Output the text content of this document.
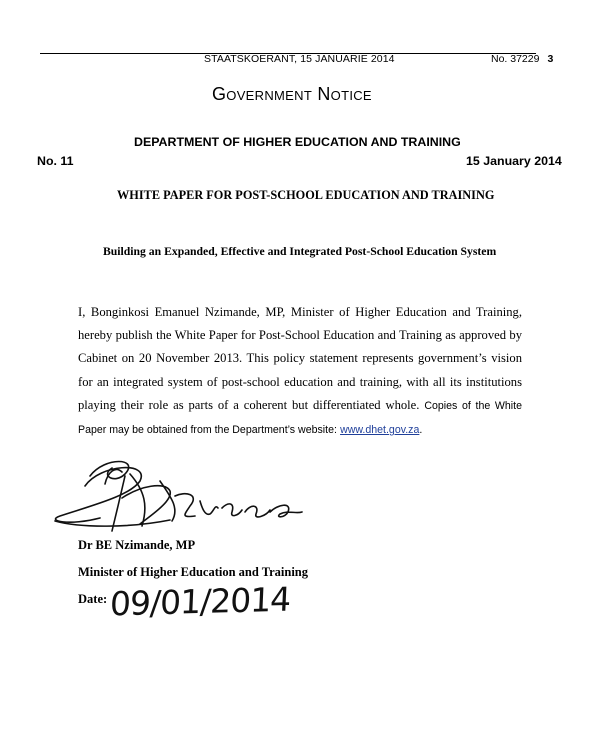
STAATSKOERANT, 15 JANUARIE 2014	No. 37229 3
Government Notice
DEPARTMENT OF HIGHER EDUCATION AND TRAINING
No. 11	15 January 2014
WHITE PAPER FOR POST-SCHOOL EDUCATION AND TRAINING
Building an Expanded, Effective and Integrated Post-School Education System
I, Bonginkosi Emanuel Nzimande, MP, Minister of Higher Education and Training, hereby publish the White Paper for Post-School Education and Training as approved by Cabinet on 20 November 2013. This policy statement represents government’s vision for an integrated system of post-school education and training, with all its institutions playing their role as parts of a coherent but differentiated whole. Copies of the White Paper may be obtained from the Department’s website: www.dhet.gov.za.
Dr BE Nzimande, MP
Minister of Higher Education and Training
Date: 09/01/2014
